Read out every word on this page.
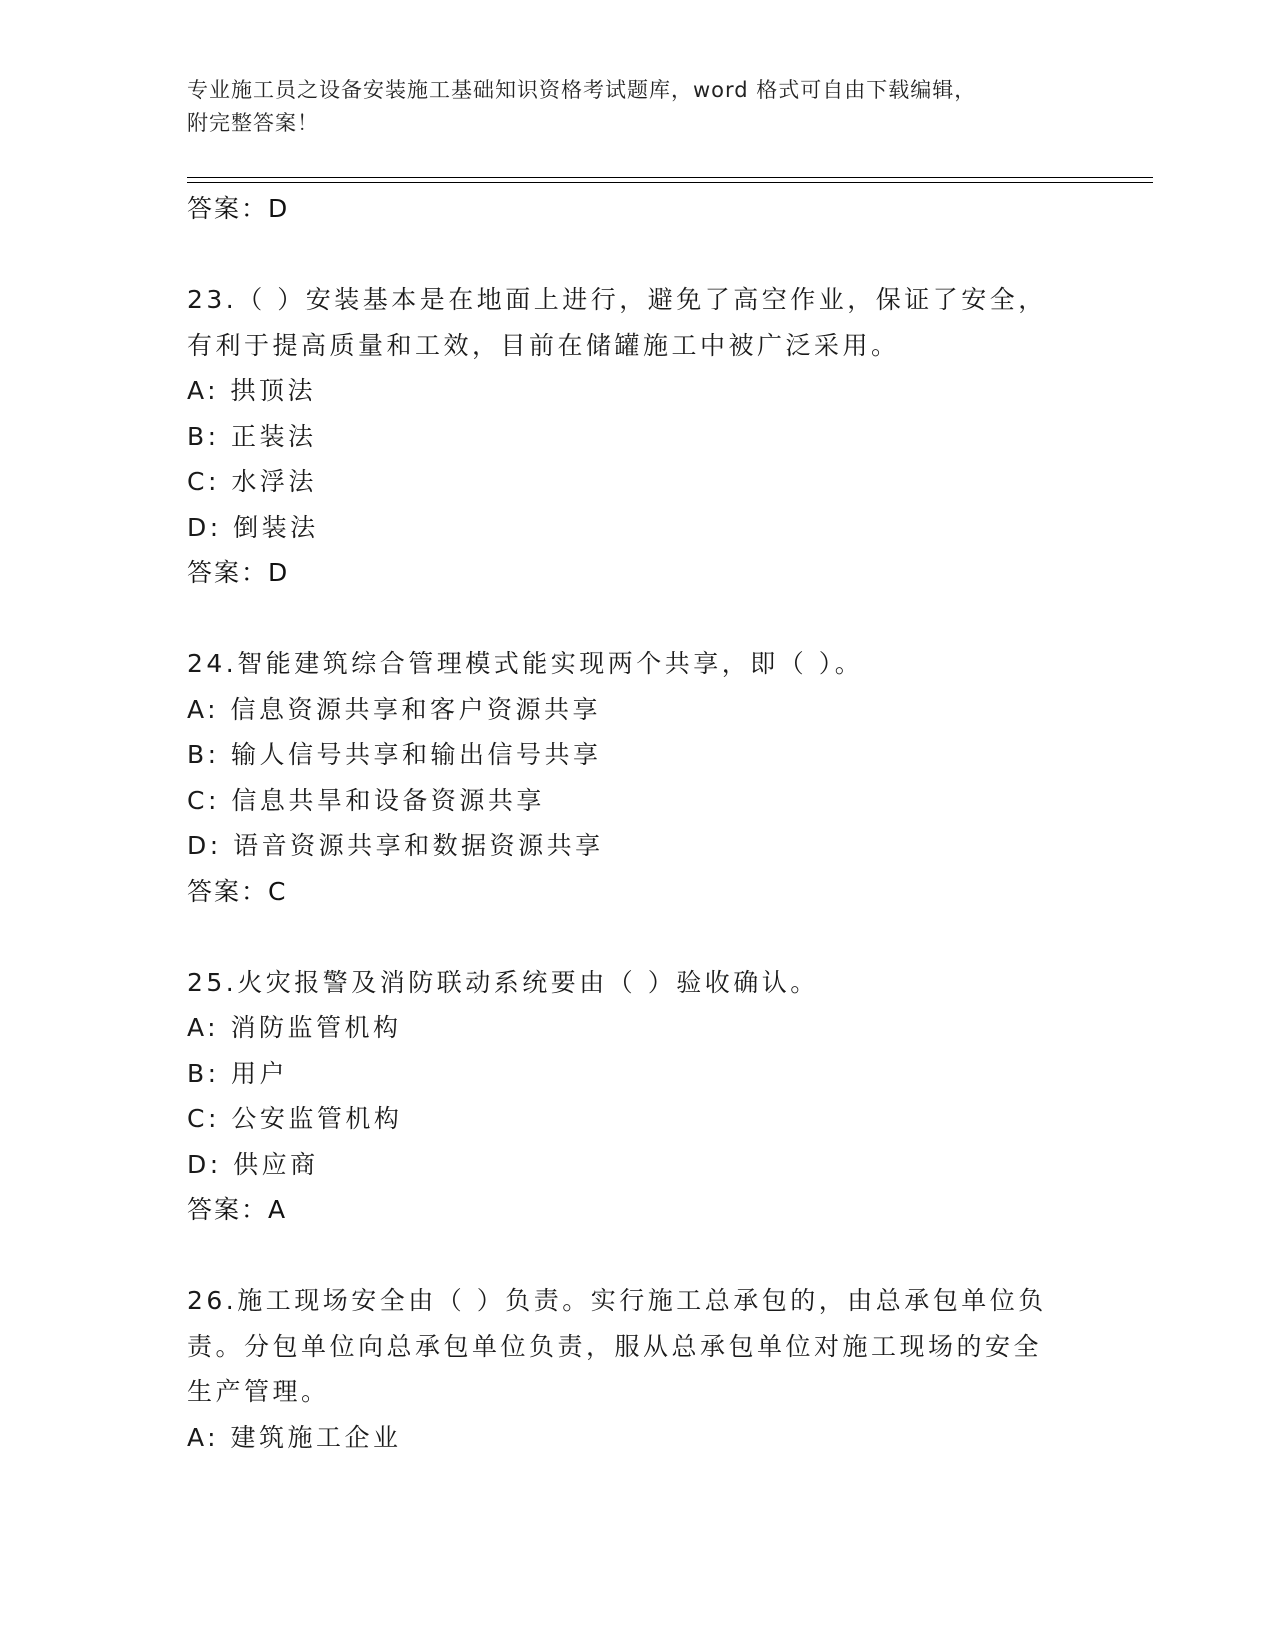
专业施工员之设备安装施工基础知识资格考试题库，word 格式可自由下载编辑，
附完整答案！
答案：D
23.（ ）安装基本是在地面上进行，避免了高空作业，保证了安全，
有利于提高质量和工效，目前在储罐施工中被广泛采用。
A: 拱顶法
B: 正装法
C: 水浮法
D: 倒装法
答案：D
24.智能建筑综合管理模式能实现两个共享，即（ ）。
A: 信息资源共享和客户资源共享
B: 输人信号共享和输出信号共享
C: 信息共旱和设备资源共享
D: 语音资源共享和数据资源共享
答案：C
25.火灾报警及消防联动系统要由（ ）验收确认。
A: 消防监管机构
B: 用户
C: 公安监管机构
D: 供应商
答案：A
26.施工现场安全由（ ）负责。实行施工总承包的，由总承包单位负
责。分包单位向总承包单位负责，服从总承包单位对施工现场的安全
生产管理。
A: 建筑施工企业
